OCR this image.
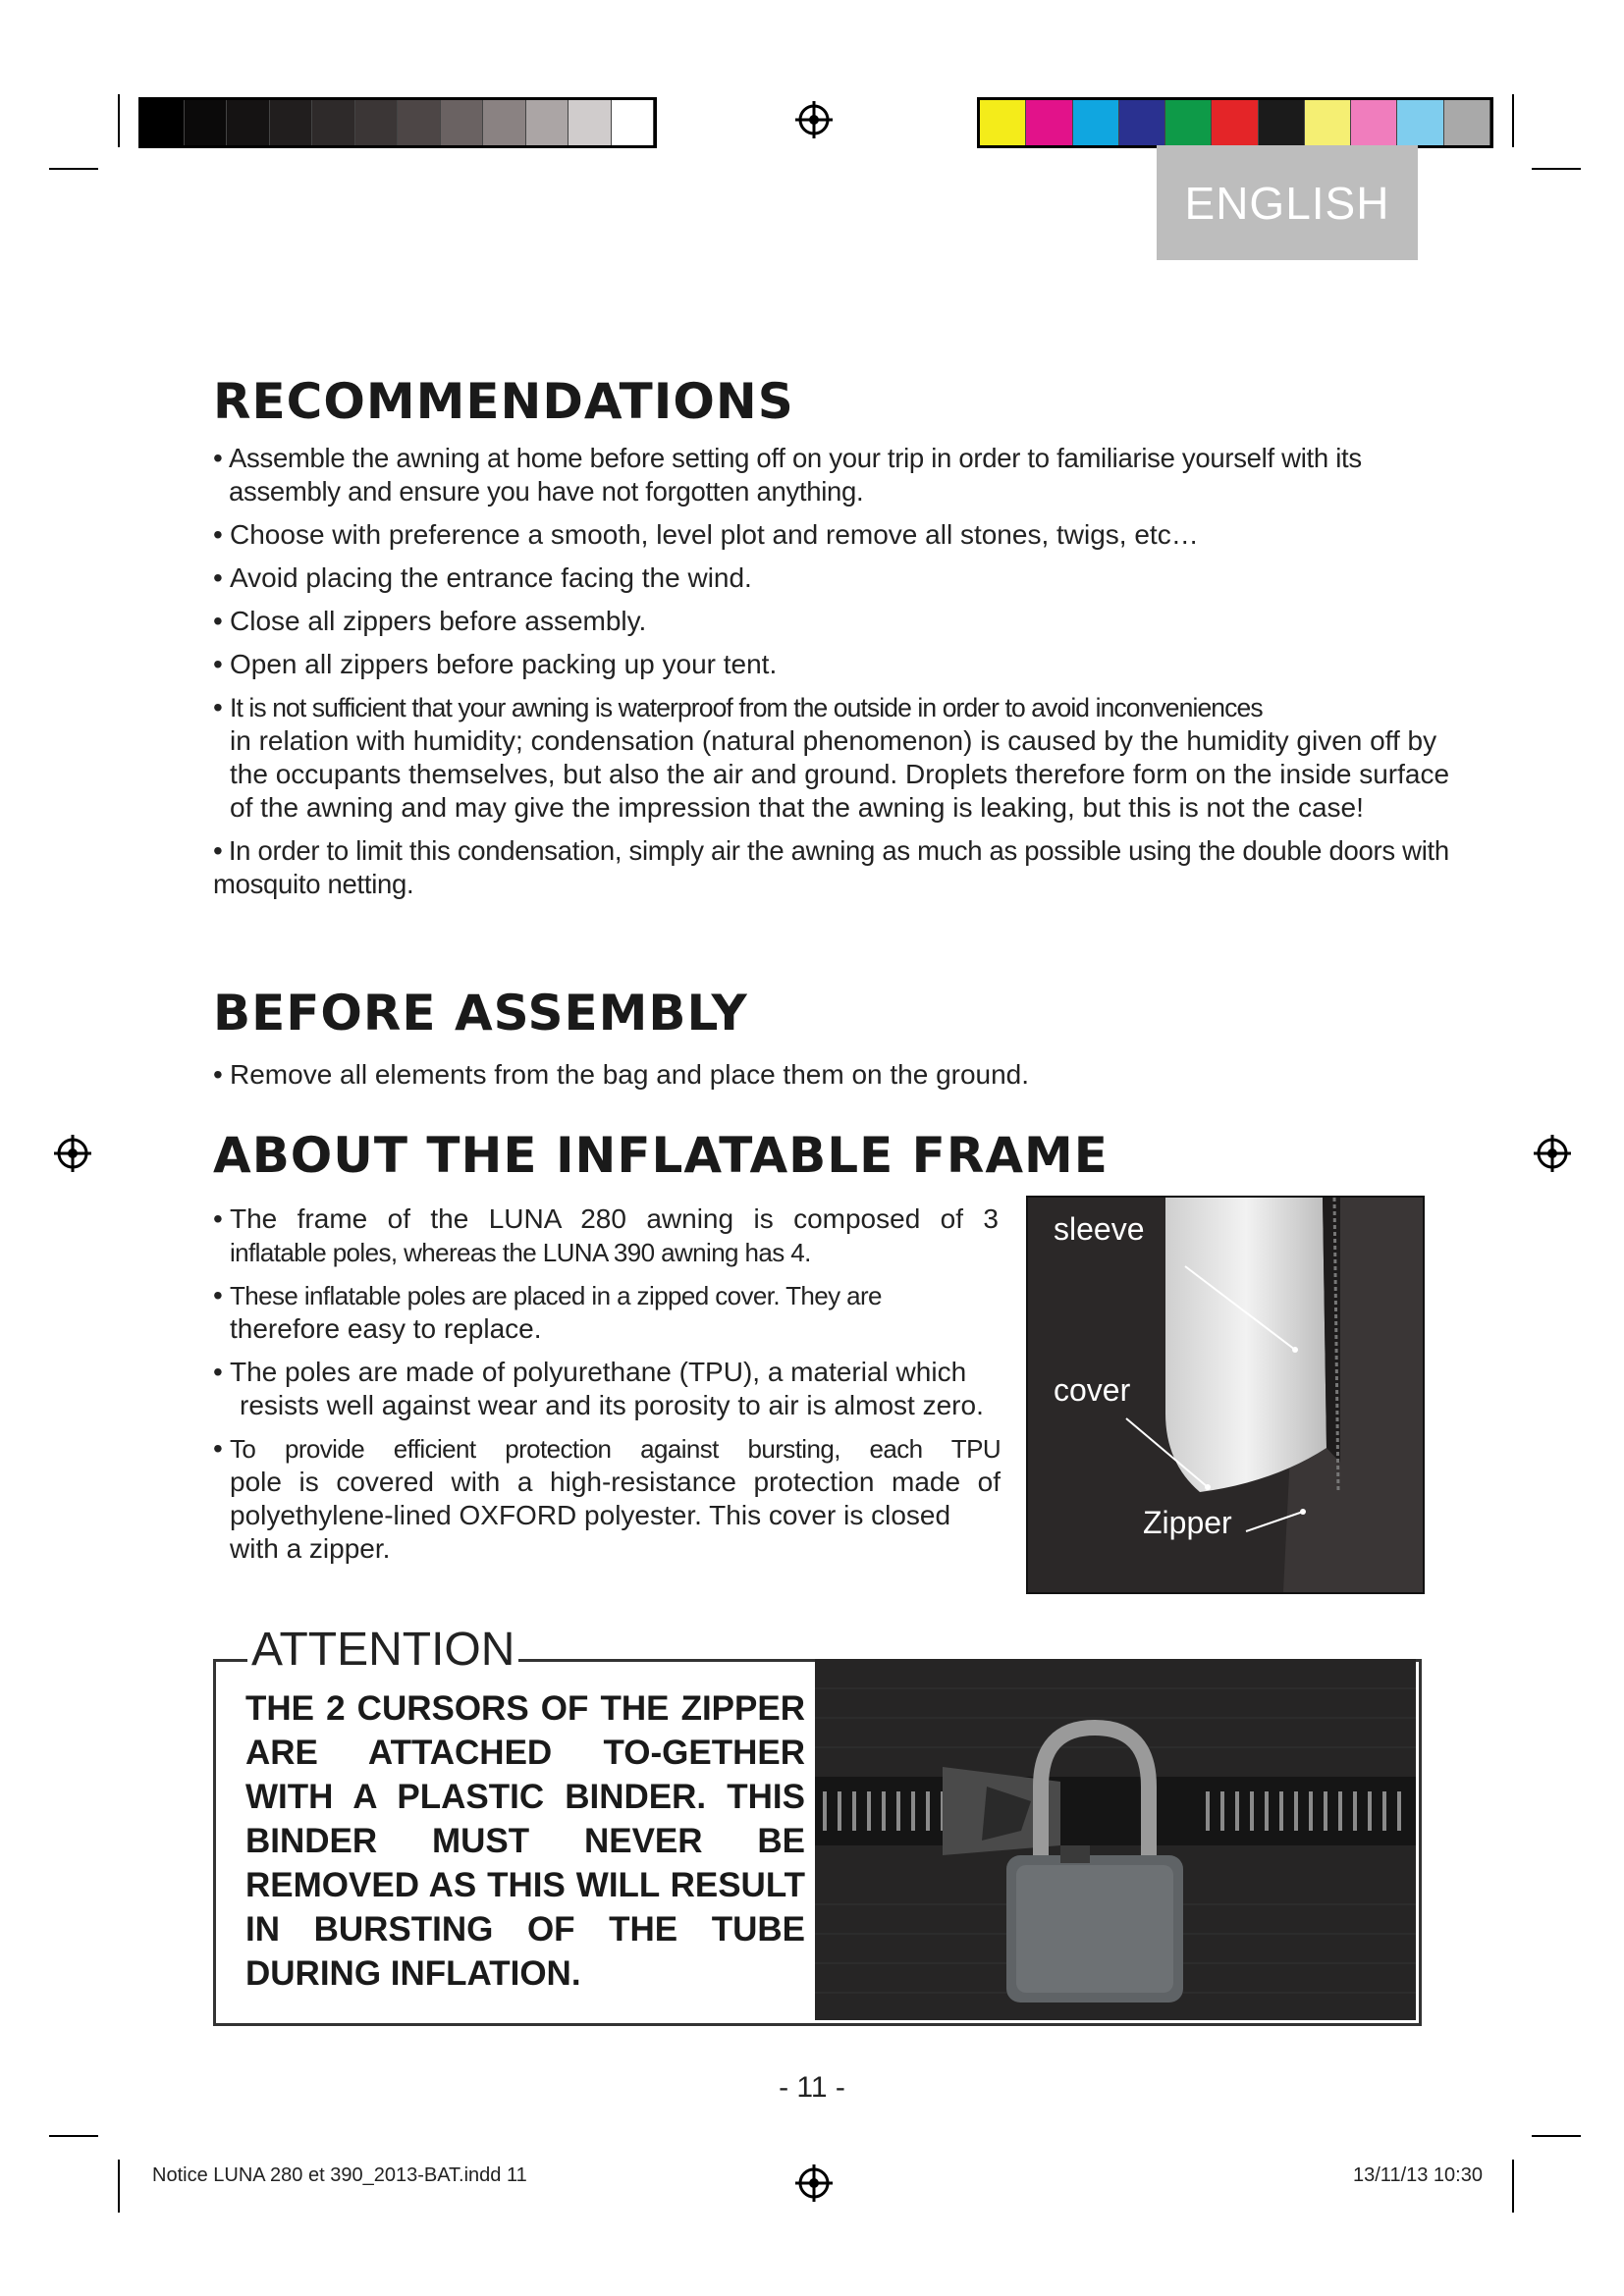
ENGLISH
RECOMMENDATIONS
• Assemble the awning at home before setting off on your trip in order to familiarise yourself with its assembly and ensure you have not forgotten anything.
• Choose with preference a smooth, level plot and remove all stones, twigs, etc…
• Avoid placing the entrance facing the wind.
• Close all zippers before assembly.
• Open all zippers before packing up your tent.
• It is not sufficient that your awning is waterproof from the outside in order to avoid inconveniences
in relation with humidity; condensation (natural phenomenon) is caused by the humidity given off by the occupants themselves, but also the air and ground. Droplets therefore form on the inside surface of the awning and may give the impression that the awning is leaking, but this is not the case!
• In order to limit this condensation, simply air the awning as much as possible using the double doors with mosquito netting.
BEFORE ASSEMBLY
• Remove all elements from the bag and place them on the ground.
ABOUT THE INFLATABLE FRAME
sleeve
cover
Zipper
• The frame of the LUNA 280 awning is composed of 3
inflatable poles, whereas the LUNA 390 awning has 4.
• These inflatable poles are placed in a zipped cover. They are
therefore easy to replace.
• The poles are made of polyurethane (TPU), a material which resists well against wear and its porosity to air is almost zero.
• To provide efficient protection against bursting, each TPU
pole is covered with a high-resistance protection made of
polyethylene-lined OXFORD polyester. This cover is closed
with a zipper.
ATTENTION
THE 2 CURSORS OF THE ZIPPER ARE ATTACHED TO-GETHER WITH A PLASTIC BINDER. THIS BINDER MUST NEVER BE REMOVED AS THIS WILL RESULT IN BURSTING OF THE TUBE DURING INFLATION.
- 11 -
Notice LUNA 280 et 390_2013-BAT.indd 11	13/11/13 10:30
